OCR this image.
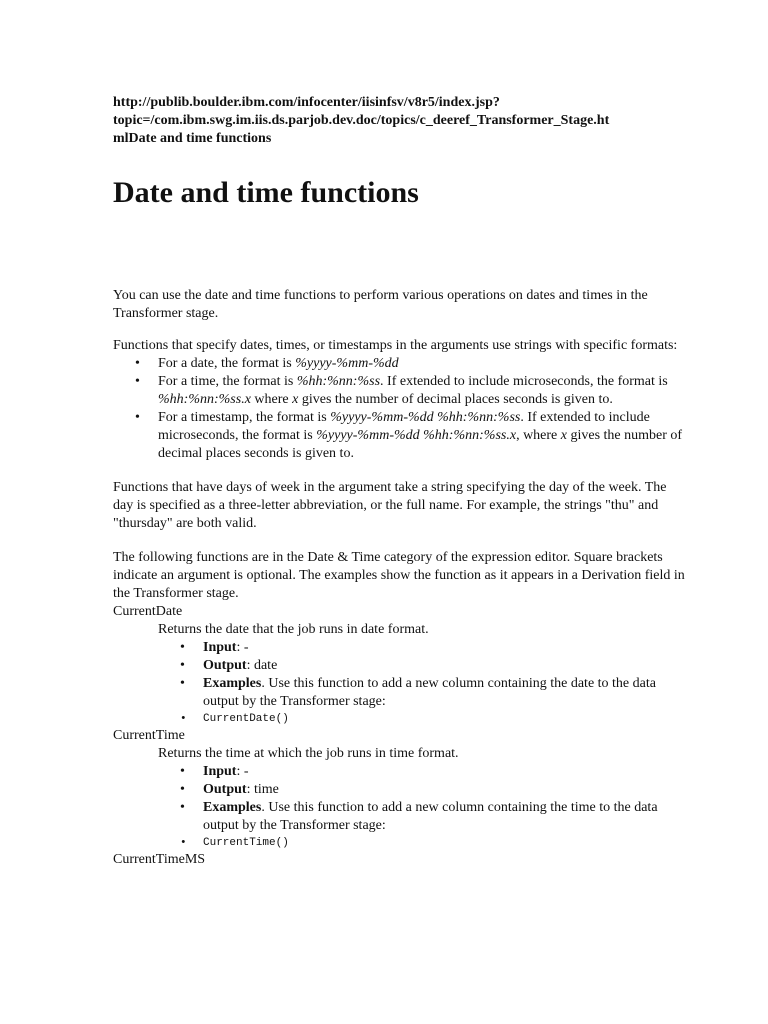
http://publib.boulder.ibm.com/infocenter/iisinfsv/v8r5/index.jsp?
topic=/com.ibm.swg.im.iis.ds.parjob.dev.doc/topics/c_deeref_Transformer_Stage.ht
mlDate and time functions
Date and time functions

You can use the date and time functions to perform various operations on dates and times in the Transformer stage.

Functions that specify dates, times, or timestamps in the arguments use strings with specific formats:

• For a date, the format is %yyyy-%mm-%dd
• For a time, the format is %hh:%nn:%ss. If extended to include microseconds, the format is %hh:%nn:%ss.x where x gives the number of decimal places seconds is given to.
• For a timestamp, the format is %yyyy-%mm-%dd %hh:%nn:%ss. If extended to include microseconds, the format is %yyyy-%mm-%dd %hh:%nn:%ss.x, where x gives the number of decimal places seconds is given to.

Functions that have days of week in the argument take a string specifying the day of the week. The day is specified as a three-letter abbreviation, or the full name. For example, the strings "thu" and "thursday" are both valid.

The following functions are in the Date & Time category of the expression editor. Square brackets indicate an argument is optional. The examples show the function as it appears in a Derivation field in the Transformer stage.

CurrentDate

Returns the date that the job runs in date format.

• Input: -
• Output: date
• Examples. Use this function to add a new column containing the date to the data output by the Transformer stage:
• CurrentDate()

CurrentTime

Returns the time at which the job runs in time format.

• Input: -
• Output: time
• Examples. Use this function to add a new column containing the time to the data output by the Transformer stage:
• CurrentTime()

CurrentTimeMS
